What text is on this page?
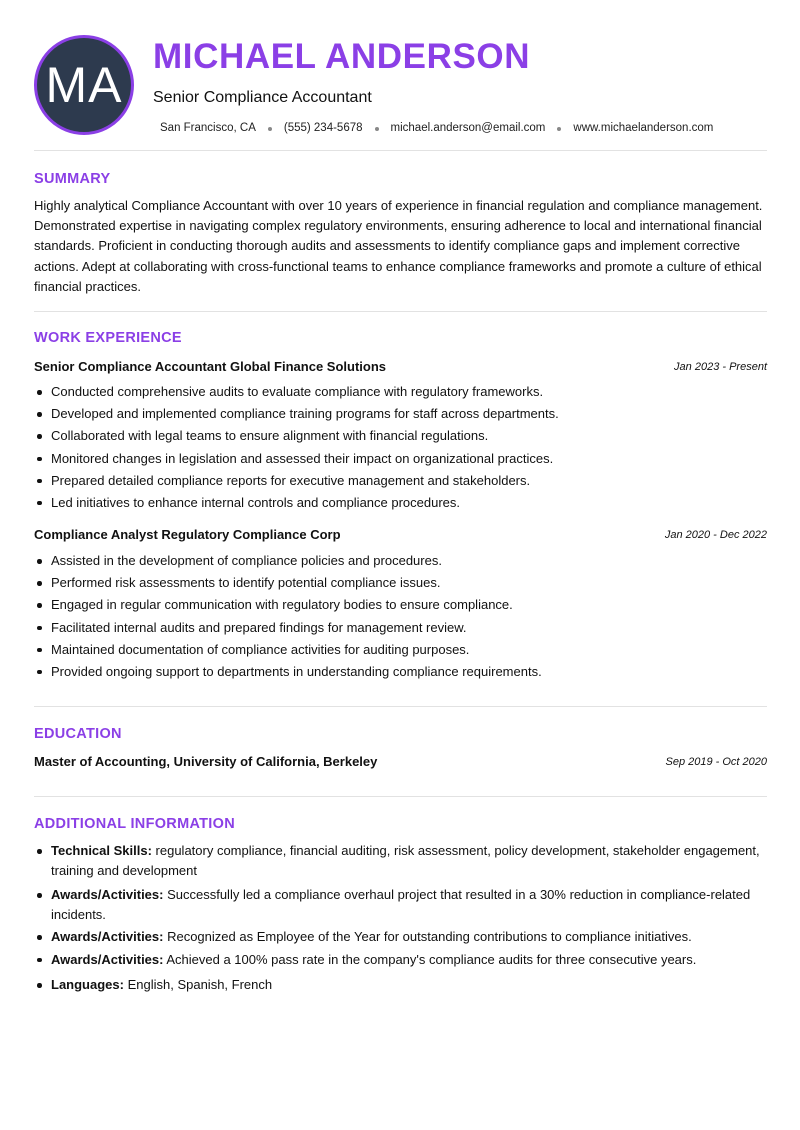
MA
MICHAEL ANDERSON
Senior Compliance Accountant
San Francisco, CA (555) 234-5678 michael.anderson@email.com www.michaelanderson.com
SUMMARY

Highly analytical Compliance Accountant with over 10 years of experience in financial regulation and compliance management. Demonstrated expertise in navigating complex regulatory environments, ensuring adherence to local and international financial standards. Proficient in conducting thorough audits and assessments to identify compliance gaps and implement corrective actions. Adept at collaborating with cross-functional teams to enhance compliance frameworks and promote a culture of ethical financial practices.

WORK EXPERIENCE
Senior Compliance Accountant Global Finance Solutions	Jan 2023 - Present
Conducted comprehensive audits to evaluate compliance with regulatory frameworks.
Developed and implemented compliance training programs for staff across departments.
Collaborated with legal teams to ensure alignment with financial regulations.
Monitored changes in legislation and assessed their impact on organizational practices.
Prepared detailed compliance reports for executive management and stakeholders.
Led initiatives to enhance internal controls and compliance procedures.
Compliance Analyst Regulatory Compliance Corp	Jan 2020 - Dec 2022
Assisted in the development of compliance policies and procedures.
Performed risk assessments to identify potential compliance issues.
Engaged in regular communication with regulatory bodies to ensure compliance.
Facilitated internal audits and prepared findings for management review.
Maintained documentation of compliance activities for auditing purposes.
Provided ongoing support to departments in understanding compliance requirements.
EDUCATION
Master of Accounting, University of California, Berkeley	Sep 2019 - Oct 2020
ADDITIONAL INFORMATION
Technical Skills: regulatory compliance, financial auditing, risk assessment, policy development, stakeholder engagement, training and development
Awards/Activities: Successfully led a compliance overhaul project that resulted in a 30% reduction in compliance-related incidents.
Awards/Activities: Recognized as Employee of the Year for outstanding contributions to compliance initiatives.
Awards/Activities: Achieved a 100% pass rate in the company's compliance audits for three consecutive years.
Languages: English, Spanish, French
